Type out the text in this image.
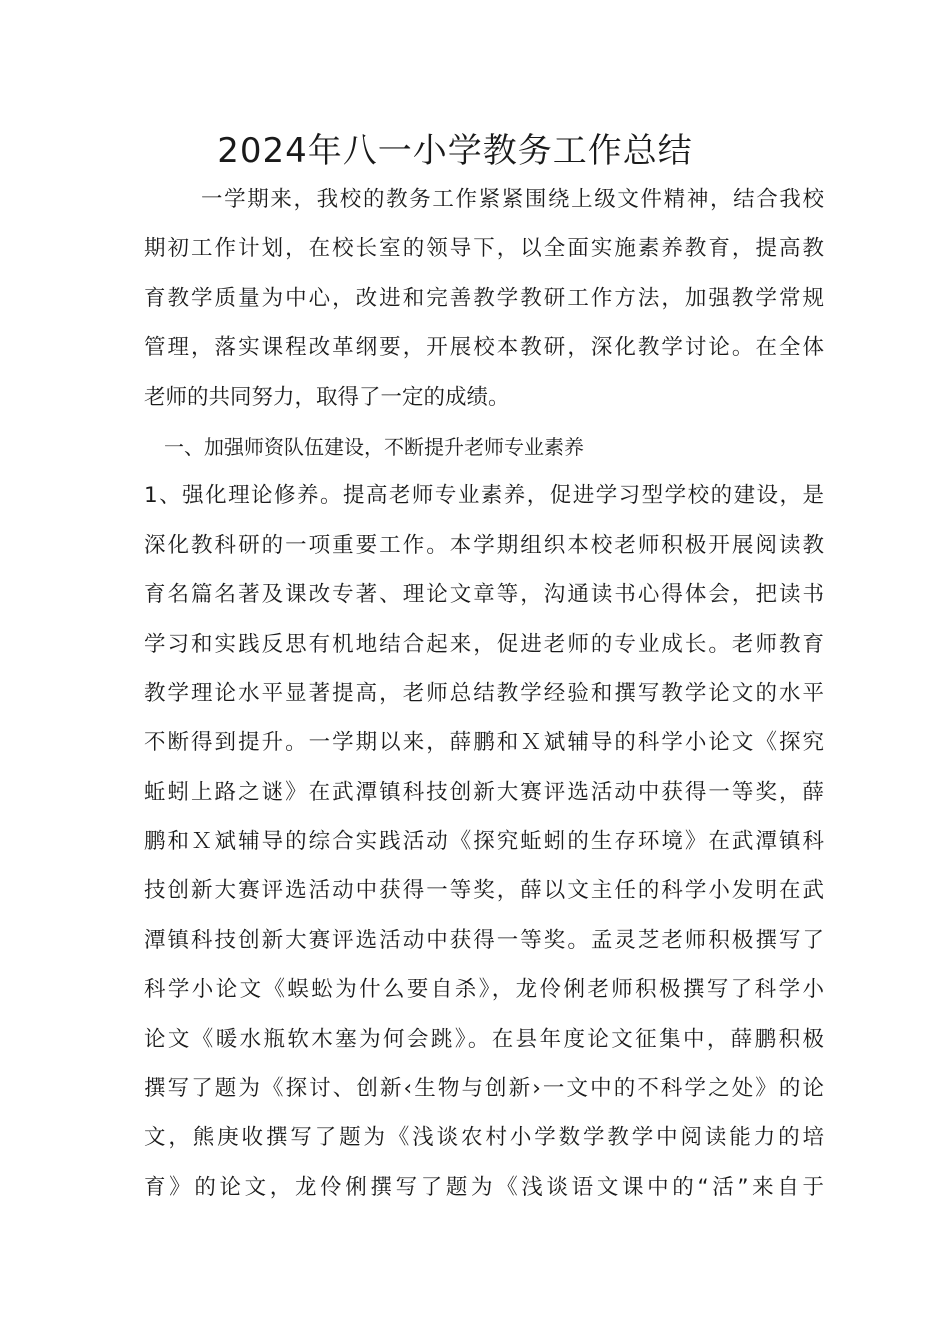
2024年八一小学教务工作总结
一学期来，我校的教务工作紧紧围绕上级文件精神，结合我校
期初工作计划，在校长室的领导下，以全面实施素养教育，提高教
育教学质量为中心，改进和完善教学教研工作方法，加强教学常规
管理，落实课程改革纲要，开展校本教研，深化教学讨论。在全体
老师的共同努力，取得了一定的成绩。
一、加强师资队伍建设，不断提升老师专业素养
1、强化理论修养。提高老师专业素养，促进学习型学校的建设，是
深化教科研的一项重要工作。本学期组织本校老师积极开展阅读教
育名篇名著及课改专著、理论文章等，沟通读书心得体会，把读书
学习和实践反思有机地结合起来，促进老师的专业成长。老师教育
教学理论水平显著提高，老师总结教学经验和撰写教学论文的水平
不断得到提升。一学期以来，薛鹏和Ｘ斌辅导的科学小论文《探究
蚯蚓上路之谜》在武潭镇科技创新大赛评选活动中获得一等奖，薛
鹏和Ｘ斌辅导的综合实践活动《探究蚯蚓的生存环境》在武潭镇科
技创新大赛评选活动中获得一等奖，薛以文主任的科学小发明在武
潭镇科技创新大赛评选活动中获得一等奖。孟灵芝老师积极撰写了
科学小论文《蜈蚣为什么要自杀》，龙伶俐老师积极撰写了科学小
论文《暖水瓶软木塞为何会跳》。在县年度论文征集中，薛鹏积极
撰写了题为《探讨、创新‹生物与创新›一文中的不科学之处》的论
文，熊庚收撰写了题为《浅谈农村小学数学教学中阅读能力的培
育》的论文，龙伶俐撰写了题为《浅谈语文课中的“活”来自于
